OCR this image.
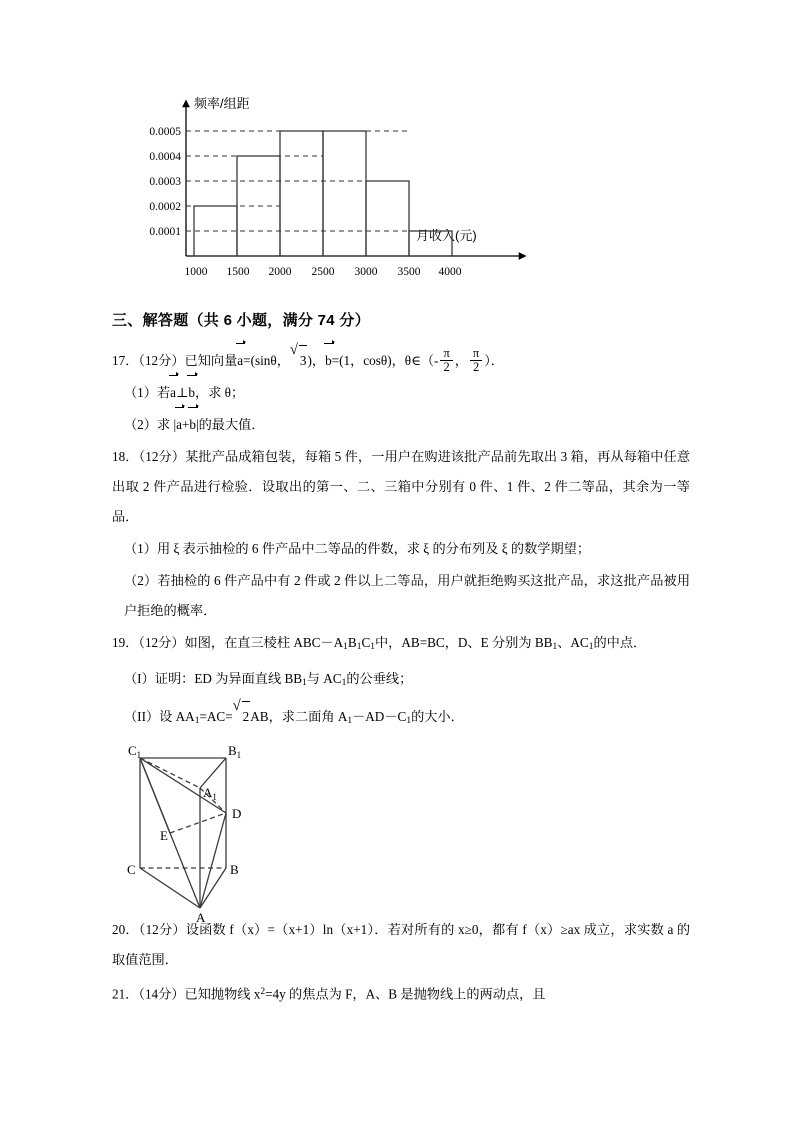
频率/组距
月收入(元)
0.0005
0.0004
0.0003
0.0002
0.0001
1000 1500 2000 2500 3000 3500 4000
三、解答题（共 6 小题，满分 74 分）

17．（12分）已知向量a=(sinθ，
√
3)，b=(1，cosθ)，θ∈（- $\frac{\pi}{2}$ ， $\frac{\pi}{2}$ ）．

（1）若a⊥b，求 θ；

（2）求 |a+b|的最大值．

18．（12分）某批产品成箱包装，每箱 5 件，一用户在购进该批产品前先取出 3 箱，再从每箱中任意出取 2 件产品进行检验．设取出的第一、二、三箱中分别有 0 件、1 件、2 件二等品，其余为一等品．

（1）用 ξ 表示抽检的 6 件产品中二等品的件数，求 ξ 的分布列及 ξ 的数学期望；

（2）若抽检的 6 件产品中有 2 件或 2 件以上二等品，用户就拒绝购买这批产品，求这批产品被用户拒绝的概率．

19．（12分）如图，在直三棱柱 $ABC-A_1B_1C_1$中，AB=BC，D、E 分别为 $BB_1$、$AC_1$的中点．

（I）证明：ED 为异面直线 $BB_1$与 $AC_1$的公垂线；

（II）设 $AA_1=AC=$
√
2AB，求二面角 $A_1-AD-C_1$的大小．

$C_1$	$B_1$
$A_1$
D
E
C	B
A

20．（12分）设函数 f（x）=（x+1）ln（x+1）．若对所有的 x≥0，都有 f（x）≥ax 成立，求实数 a 的取值范围．

21．（14分）已知抛物线 $x^2=4y$ 的焦点为 F，A、B 是抛物线上的两动点，且
